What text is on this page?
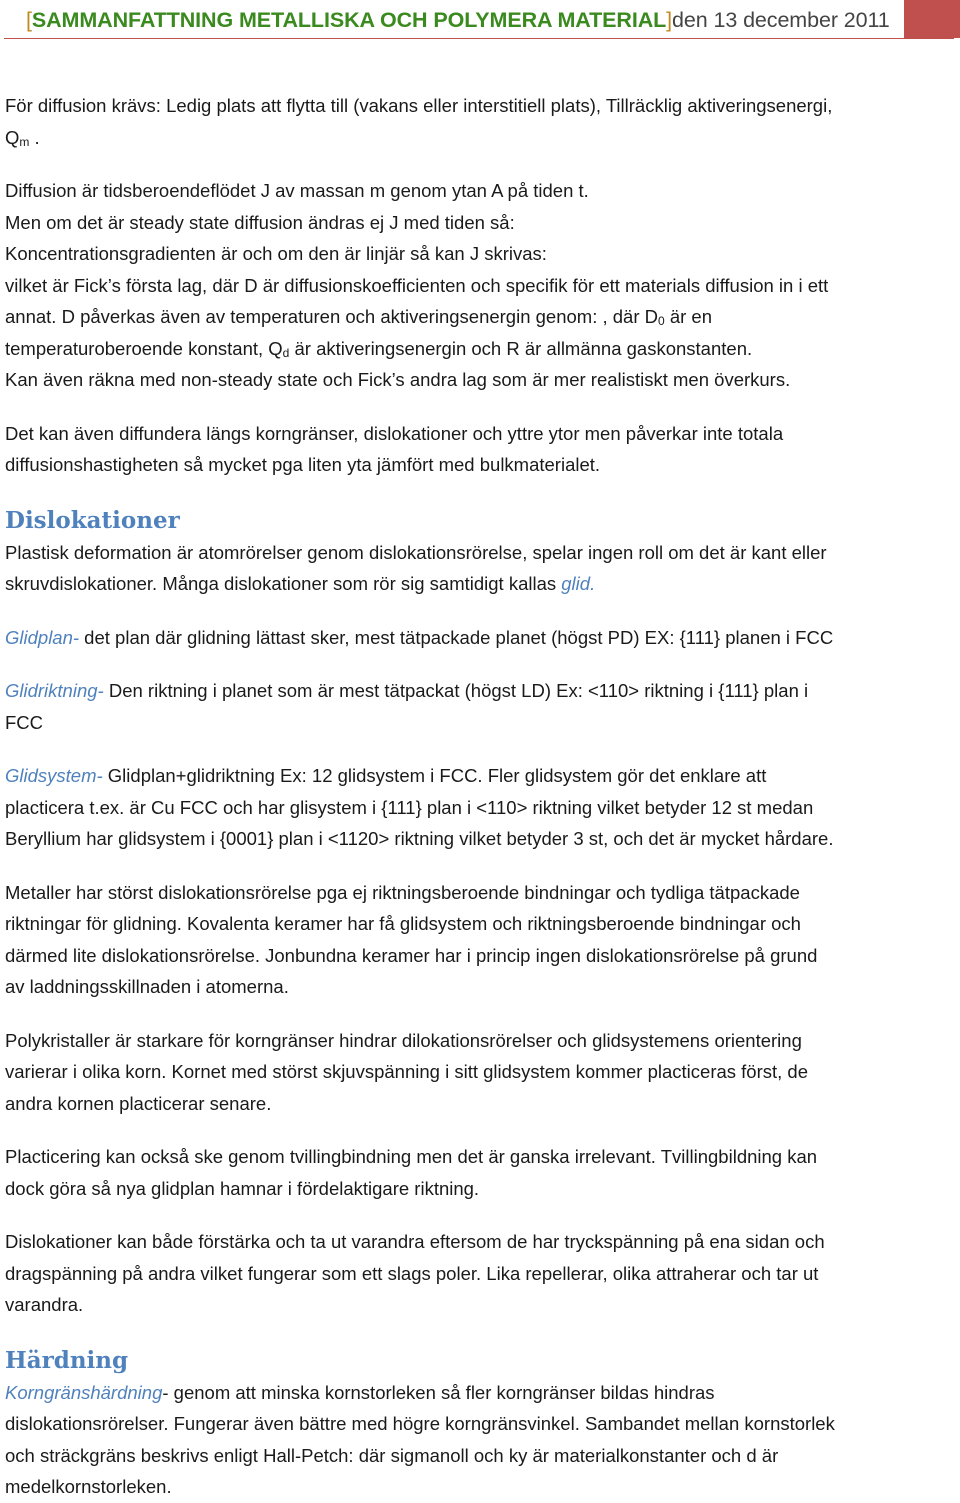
[SAMMANFATTNING METALLISKA OCH POLYMERA MATERIAL]den 13 december 2011
För diffusion krävs: Ledig plats att flytta till (vakans eller interstitiell plats), Tillräcklig aktiveringsenergi,
Qm .
Diffusion är tidsberoendeflödet J av massan m genom ytan A på tiden t.
Men om det är steady state diffusion ändras ej J med tiden så:
Koncentrationsgradienten är och om den är linjär så kan J skrivas:
vilket är Fick’s första lag, där D är diffusionskoefficienten och specifik för ett materials diffusion in i ett
annat. D påverkas även av temperaturen och aktiveringsenergin genom: , där D0 är en
temperaturoberoende konstant, Qd är aktiveringsenergin och R är allmänna gaskonstanten.
Kan även räkna med non-steady state och Fick’s andra lag som är mer realistiskt men överkurs.
Det kan även diffundera längs korngränser, dislokationer och yttre ytor men påverkar inte totala
diffusionshastigheten så mycket pga liten yta jämfört med bulkmaterialet.
Dislokationer
Plastisk deformation är atomrörelser genom dislokationsrörelse, spelar ingen roll om det är kant eller
skruvdislokationer. Många dislokationer som rör sig samtidigt kallas glid.
Glidplan- det plan där glidning lättast sker, mest tätpackade planet (högst PD) EX: {111} planen i FCC
Glidriktning- Den riktning i planet som är mest tätpackat (högst LD) Ex: <110> riktning i {111} plan i
FCC
Glidsystem- Glidplan+glidriktning Ex: 12 glidsystem i FCC. Fler glidsystem gör det enklare att
placticera t.ex. är Cu FCC och har glisystem i {111} plan i <110> riktning vilket betyder 12 st medan
Beryllium har glidsystem i {0001} plan i <1120> riktning vilket betyder 3 st, och det är mycket hårdare.
Metaller har störst dislokationsrörelse pga ej riktningsberoende bindningar och tydliga tätpackade
riktningar för glidning. Kovalenta keramer har få glidsystem och riktningsberoende bindningar och
därmed lite dislokationsrörelse. Jonbundna keramer har i princip ingen dislokationsrörelse på grund
av laddningsskillnaden i atomerna.
Polykristaller är starkare för korngränser hindrar dilokationsrörelser och glidsystemens orientering
varierar i olika korn. Kornet med störst skjuvspänning i sitt glidsystem kommer placticeras först, de
andra kornen placticerar senare.
Placticering kan också ske genom tvillingbindning men det är ganska irrelevant. Tvillingbildning kan
dock göra så nya glidplan hamnar i fördelaktigare riktning.
Dislokationer kan både förstärka och ta ut varandra eftersom de har tryckspänning på ena sidan och
dragspänning på andra vilket fungerar som ett slags poler. Lika repellerar, olika attraherar och tar ut
varandra.
Härdning
Korngränshärdning- genom att minska kornstorleken så fler korngränser bildas hindras
dislokationsrörelser. Fungerar även bättre med högre korngränsvinkel. Sambandet mellan kornstorlek
och sträckgräns beskrivs enligt Hall-Petch: där sigmanoll och ky är materialkonstanter och d är
medelkornstorleken.
